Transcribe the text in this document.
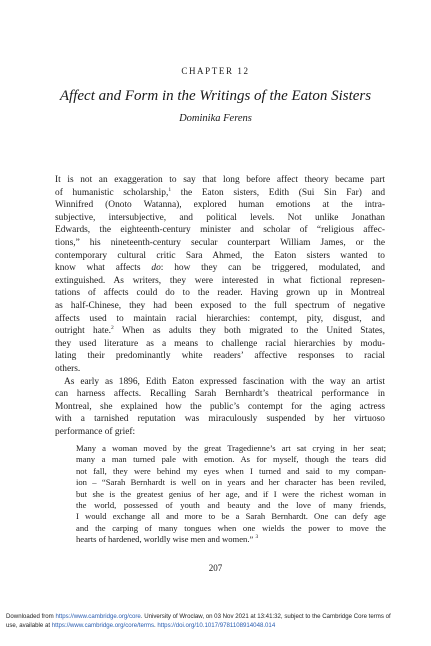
CHAPTER 12
Affect and Form in the Writings of the Eaton Sisters
Dominika Ferens

It is not an exaggeration to say that long before affect theory became part
of humanistic scholarship,$^1$ the Eaton sisters, Edith (Sui Sin Far) and
Winnifred (Onoto Watanna), explored human emotions at the intra-
subjective, intersubjective, and political levels. Not unlike Jonathan
Edwards, the eighteenth-century minister and scholar of “religious affec-
tions,” his nineteenth-century secular counterpart William James, or the
contemporary cultural critic Sara Ahmed, the Eaton sisters wanted to
know what affects do: how they can be triggered, modulated, and
extinguished. As writers, they were interested in what fictional represen-
tations of affects could do to the reader. Having grown up in Montreal
as half-Chinese, they had been exposed to the full spectrum of negative
affects used to maintain racial hierarchies: contempt, pity, disgust, and
outright hate.$^2$ When as adults they both migrated to the United States,
they used literature as a means to challenge racial hierarchies by modu-
lating their predominantly white readers’ affective responses to racial
others.

As early as 1896, Edith Eaton expressed fascination with the way an artist
can harness affects. Recalling Sarah Bernhardt’s theatrical performance in
Montreal, she explained how the public’s contempt for the aging actress
with a tarnished reputation was miraculously suspended by her virtuoso
performance of grief:

Many a woman moved by the great Tragedienne’s art sat crying in her seat;
many a man turned pale with emotion. As for myself, though the tears did
not fall, they were behind my eyes when I turned and said to my compan-
ion – “Sarah Bernhardt is well on in years and her character has been reviled,
but she is the greatest genius of her age, and if I were the richest woman in
the world, possessed of youth and beauty and the love of many friends,
I would exchange all and more to be a Sarah Bernhardt. One can defy age
and the carping of many tongues when one wields the power to move the
hearts of hardened, worldly wise men and women.” $^3$
207
Downloaded from https://www.cambridge.org/core. University of Wroclaw, on 03 Nov 2021 at 13:41:32, subject to the Cambridge Core terms of
use, available at https://www.cambridge.org/core/terms. https://doi.org/10.1017/9781108914048.014
